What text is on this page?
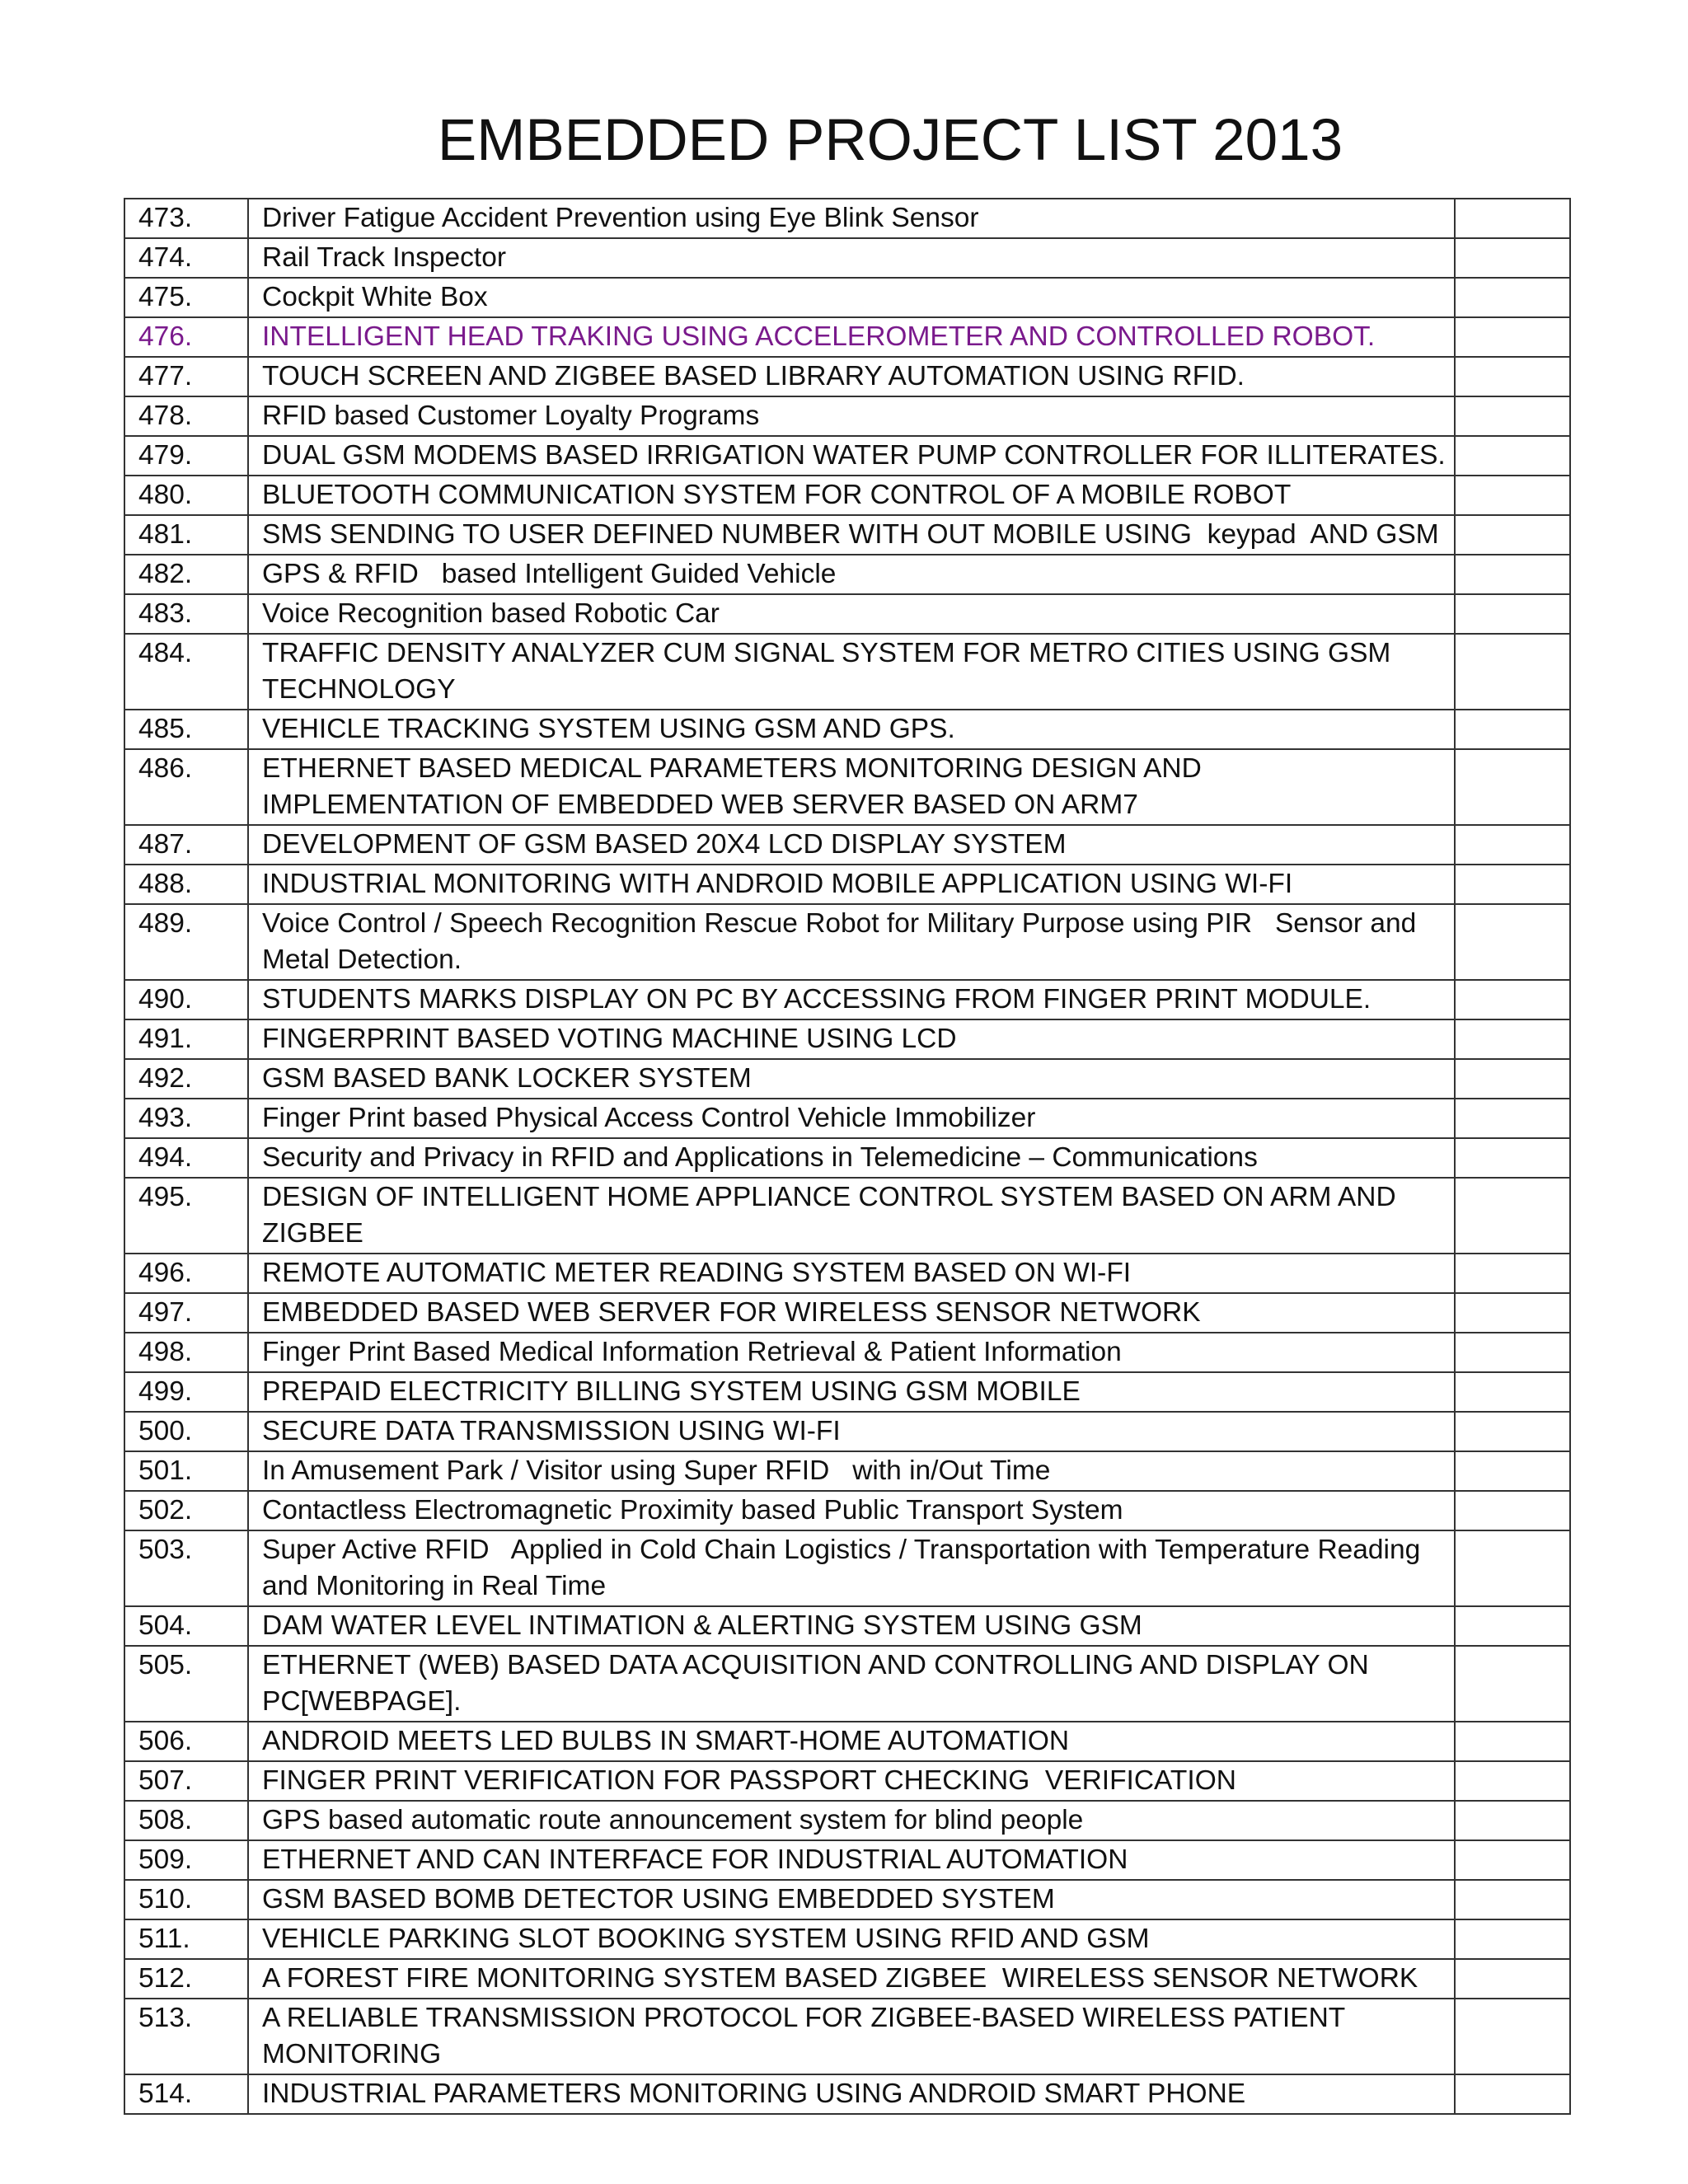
EMBEDDED PROJECT LIST 2013
473.	Driver Fatigue Accident Prevention using Eye Blink Sensor	
474.	Rail Track Inspector	
475.	Cockpit White Box	
476.	INTELLIGENT HEAD TRAKING USING ACCELEROMETER AND CONTROLLED ROBOT.	
477.	TOUCH SCREEN AND ZIGBEE BASED LIBRARY AUTOMATION USING RFID.	
478.	RFID based Customer Loyalty Programs	
479.	DUAL GSM MODEMS BASED IRRIGATION WATER PUMP CONTROLLER FOR ILLITERATES.	
480.	BLUETOOTH COMMUNICATION SYSTEM FOR CONTROL OF A MOBILE ROBOT	
481.	SMS SENDING TO USER DEFINED NUMBER WITH OUT MOBILE USING  keypad  AND GSM	
482.	GPS & RFID   based Intelligent Guided Vehicle	
483.	Voice Recognition based Robotic Car	
484.	TRAFFIC DENSITY ANALYZER CUM SIGNAL SYSTEM FOR METRO CITIES USING GSM TECHNOLOGY	
485.	VEHICLE TRACKING SYSTEM USING GSM AND GPS.	
486.	ETHERNET BASED MEDICAL PARAMETERS MONITORING DESIGN AND IMPLEMENTATION OF EMBEDDED WEB SERVER BASED ON ARM7	
487.	DEVELOPMENT OF GSM BASED 20X4 LCD DISPLAY SYSTEM	
488.	INDUSTRIAL MONITORING WITH ANDROID MOBILE APPLICATION USING WI-FI	
489.	Voice Control / Speech Recognition Rescue Robot for Military Purpose using PIR   Sensor and Metal Detection.	
490.	STUDENTS MARKS DISPLAY ON PC BY ACCESSING FROM FINGER PRINT MODULE.	
491.	FINGERPRINT BASED VOTING MACHINE USING LCD	
492.	GSM BASED BANK LOCKER SYSTEM	
493.	Finger Print based Physical Access Control Vehicle Immobilizer	
494.	Security and Privacy in RFID and Applications in Telemedicine – Communications	
495.	DESIGN OF INTELLIGENT HOME APPLIANCE CONTROL SYSTEM BASED ON ARM AND ZIGBEE	
496.	REMOTE AUTOMATIC METER READING SYSTEM BASED ON WI-FI	
497.	EMBEDDED BASED WEB SERVER FOR WIRELESS SENSOR NETWORK	
498.	Finger Print Based Medical Information Retrieval & Patient Information	
499.	PREPAID ELECTRICITY BILLING SYSTEM USING GSM MOBILE	
500.	SECURE DATA TRANSMISSION USING WI-FI	
501.	In Amusement Park / Visitor using Super RFID   with in/Out Time	
502.	Contactless Electromagnetic Proximity based Public Transport System	
503.	Super Active RFID   Applied in Cold Chain Logistics / Transportation with Temperature Reading and Monitoring in Real Time	
504.	DAM WATER LEVEL INTIMATION & ALERTING SYSTEM USING GSM	
505.	ETHERNET (WEB) BASED DATA ACQUISITION AND CONTROLLING AND DISPLAY ON PC[WEBPAGE].	
506.	ANDROID MEETS LED BULBS IN SMART-HOME AUTOMATION	
507.	FINGER PRINT VERIFICATION FOR PASSPORT CHECKING  VERIFICATION	
508.	GPS based automatic route announcement system for blind people	
509.	ETHERNET AND CAN INTERFACE FOR INDUSTRIAL AUTOMATION	
510.	GSM BASED BOMB DETECTOR USING EMBEDDED SYSTEM	
511.	VEHICLE PARKING SLOT BOOKING SYSTEM USING RFID AND GSM	
512.	A FOREST FIRE MONITORING SYSTEM BASED ZIGBEE  WIRELESS SENSOR NETWORK	
513.	A RELIABLE TRANSMISSION PROTOCOL FOR ZIGBEE-BASED WIRELESS PATIENT MONITORING	
514.	INDUSTRIAL PARAMETERS MONITORING USING ANDROID SMART PHONE	
